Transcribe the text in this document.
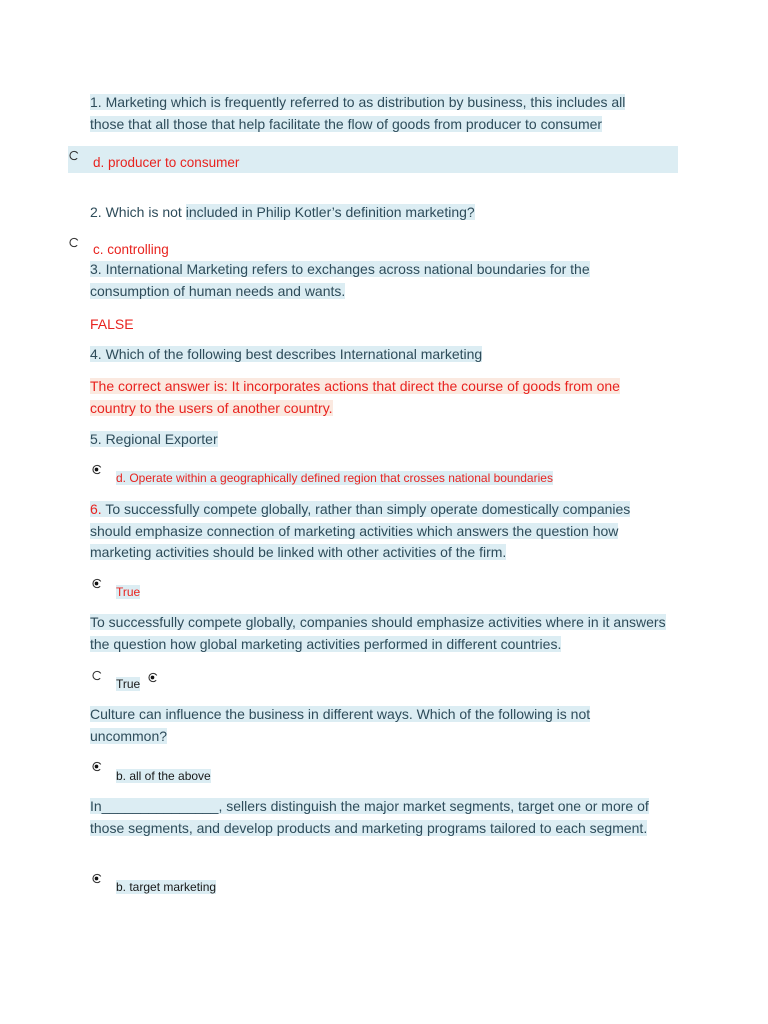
1. Marketing which is frequently referred to as distribution by business, this includes all
those that all those that help facilitate the flow of goods from producer to consumer
d. producer to consumer
2. Which is not included in Philip Kotler’s definition marketing?
c. controlling
3. International Marketing refers to exchanges across national boundaries for the
consumption of human needs and wants.
FALSE
4. Which of the following best describes International marketing
The correct answer is: It incorporates actions that direct the course of goods from one
country to the users of another country.
5. Regional Exporter
d. Operate within a geographically defined region that crosses national boundaries
6. To successfully compete globally, rather than simply operate domestically companies
should emphasize connection of marketing activities which answers the question how
marketing activities should be linked with other activities of the firm.
True
To successfully compete globally, companies should emphasize activities where in it answers
the question how global marketing activities performed in different countries.
True
Culture can influence the business in different ways. Which of the following is not
uncommon?
b. all of the above
In_______________, sellers distinguish the major market segments, target one or more of
those segments, and develop products and marketing programs tailored to each segment.
b. target marketing
